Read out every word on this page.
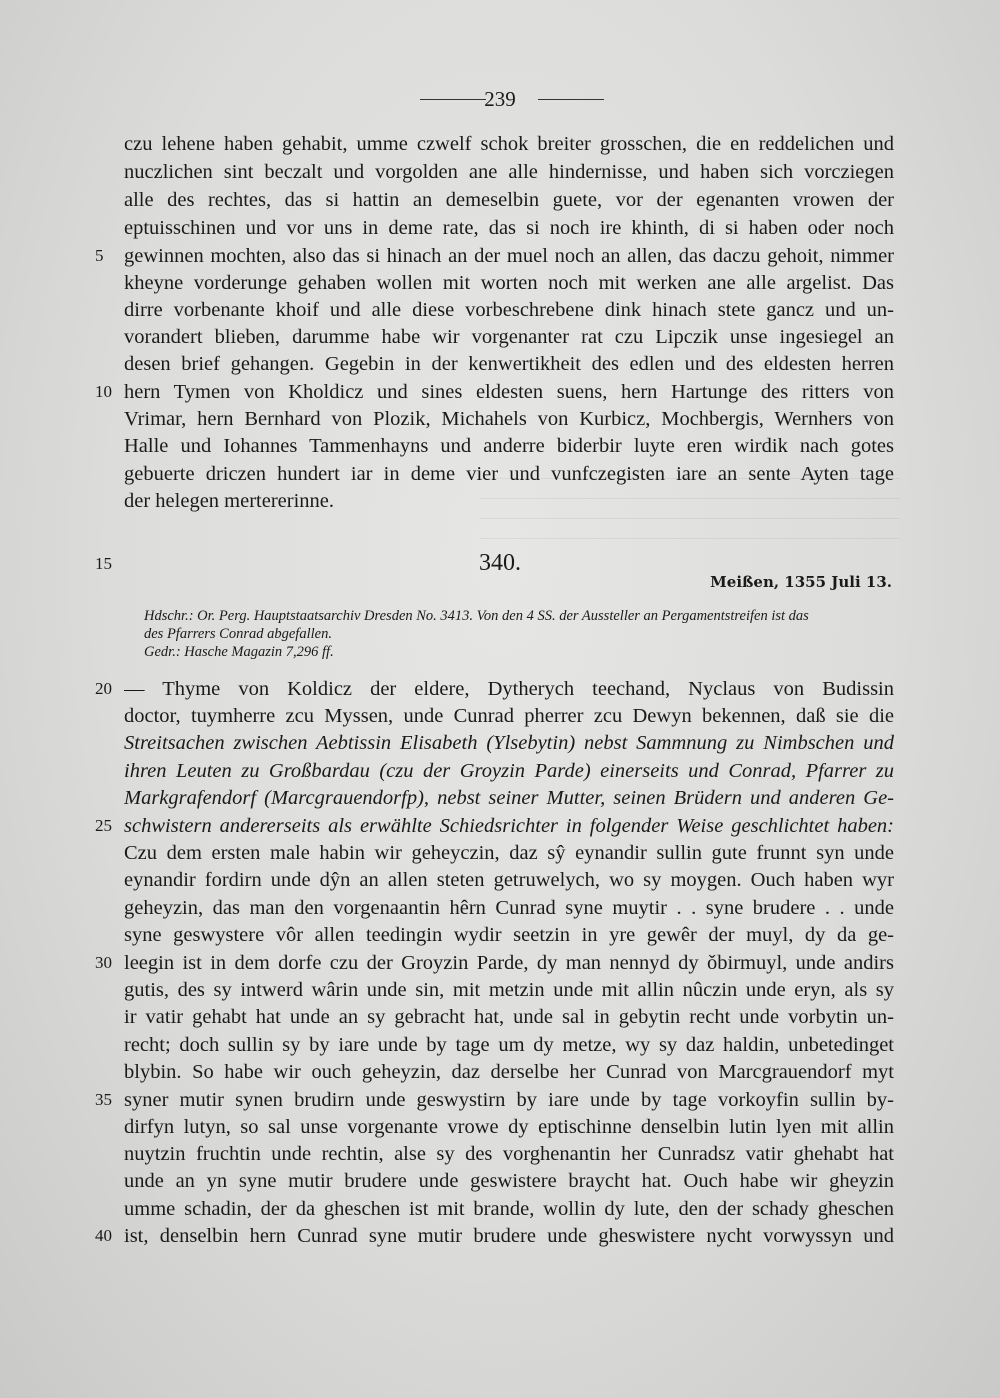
239
czu lehene haben gehabit, umme czwelf schok breiter grosschen, die en reddelichen und
nuczlichen sint beczalt und vorgolden ane alle hindernisse, und haben sich vorcziegen
alle des rechtes, das si hattin an demeselbin guete, vor der egenanten vrowen der
eptuisschinen und vor uns in deme rate, das si noch ire khinth, di si haben oder noch
5	gewinnen mochten, also das si hinach an der muel noch an allen, das daczu gehoit, nimmer
kheyne vorderunge gehaben wollen mit worten noch mit werken ane alle argelist. Das
dirre vorbenante khoif und alle diese vorbeschrebene dink hinach stete gancz und un-
vorandert blieben, darumme habe wir vorgenanter rat czu Lipczik unse ingesiegel an
desen brief gehangen. Gegebin in der kenwertikheit des edlen und des eldesten herren
10 hern Tymen von Kholdicz und sines eldesten suens, hern Hartunge des ritters von
Vrimar, hern Bernhard von Plozik, Michahels von Kurbicz, Mochbergis, Wernhers von
Halle und Iohannes Tammenhayns und anderre biderbir luyte eren wirdik nach gotes
gebuerte driczen hundert iar in deme vier und vunfczegisten iare an sente Ayten tage
der helegen mertererinne.
15	340.
Meißen, 1355 Juli 13.
Hdschr.: Or. Perg. Hauptstaatsarchiv Dresden No. 3413. Von den 4 SS. der Aussteller an Pergamentstreifen ist das
des Pfarrers Conrad abgefallen.
Gedr.: Hasche Magazin 7,296 ff.
20 — Thyme von Koldicz der eldere, Dytherych teechand, Nyclaus von Budissin
doctor, tuymherre zcu Myssen, unde Cunrad pherrer zcu Dewyn bekennen, daß sie die
Streitsachen zwischen Aebtissin Elisabeth (Ylsebytin) nebst Sammnung zu Nimbschen und
ihren Leuten zu Großbardau (czu der Groyzin Parde) einerseits und Conrad, Pfarrer zu
Markgrafendorf (Marcgrauendorfp), nebst seiner Mutter, seinen Brüdern und anderen Ge-
25 schwistern andererseits als erwählte Schiedsrichter in folgender Weise geschlichtet haben:
Czu dem ersten male habin wir geheyczin, daz sŷ eynandir sullin gute frunnt syn unde
eynandir fordirn unde dŷn an allen steten getruwelych, wo sy moygen. Ouch haben wyr
geheyzin, das man den vorgenaantin hêrn Cunrad syne muytir . . syne brudere . . unde
syne geswystere vôr allen teedingin wydir seetzin in yre gewêr der muyl, dy da ge-
30 leegin ist in dem dorfe czu der Groyzin Parde, dy man nennyd dy ǒbirmuyl, unde andirs
gutis, des sy intwerd wârin unde sin, mit metzin unde mit allin nûczin unde eryn, als sy
ir vatir gehabt hat unde an sy gebracht hat, unde sal in gebytin recht unde vorbytin un-
recht; doch sullin sy by iare unde by tage um dy metze, wy sy daz haldin, unbetedinget
blybin. So habe wir ouch geheyzin, daz derselbe her Cunrad von Marcgrauendorf myt
35 syner mutir synen brudirn unde geswystirn by iare unde by tage vorkoyfin sullin by-
dirfyn lutyn, so sal unse vorgenante vrowe dy eptischinne denselbin lutin lyen mit allin
nuytzin fruchtin unde rechtin, alse sy des vorghenantin her Cunradsz vatir ghehabt hat
unde an yn syne mutir brudere unde geswistere braycht hat. Ouch habe wir gheyzin
umme schadin, der da gheschen ist mit brande, wollin dy lute, den der schady gheschen
40 ist, denselbin hern Cunrad syne mutir brudere unde gheswistere nycht vorwyssyn und
